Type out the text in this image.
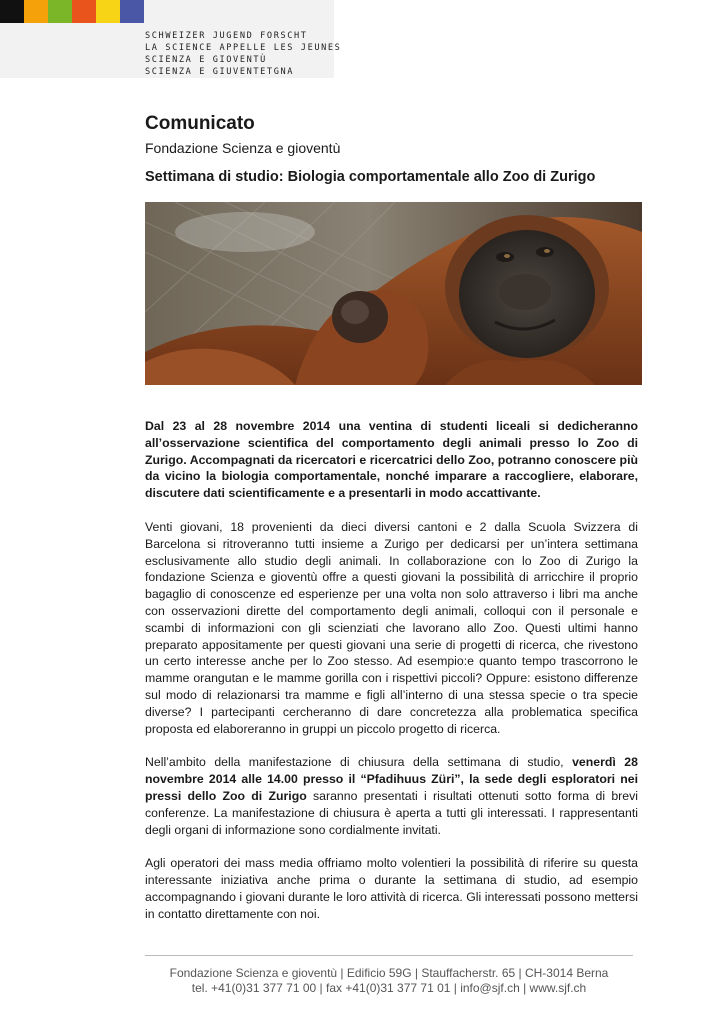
SCHWEIZER JUGEND FORSCHT
LA SCIENCE APPELLE LES JEUNES
SCIENZA E GIOVENTÙ
SCIENZA E GIUVENTETGNA
Comunicato
Fondazione Scienza e gioventù
Settimana di studio: Biologia comportamentale allo Zoo di Zurigo

Dal 23 al 28 novembre 2014 una ventina di studenti liceali si dedicheranno all’osservazione scientifica del comportamento degli animali presso lo Zoo di Zurigo. Accompagnati da ricercatori e ricercatrici dello Zoo, potranno conoscere più da vicino la biologia comportamentale, nonché imparare a raccogliere, elaborare, discutere dati scientificamente e a presentarli in modo accattivante.

Venti giovani, 18 provenienti da dieci diversi cantoni e 2 dalla Scuola Svizzera di Barcelona si ritroveranno tutti insieme a Zurigo per dedicarsi per un’intera settimana esclusivamente allo studio degli animali. In collaborazione con lo Zoo di Zurigo la fondazione Scienza e gioventù offre a questi giovani la possibilità di arricchire il proprio bagaglio di conoscenze ed esperienze per una volta non solo attraverso i libri ma anche con osservazioni dirette del comportamento degli animali, colloqui con il personale e scambi di informazioni con gli scienziati che lavorano allo Zoo. Questi ultimi hanno preparato appositamente per questi giovani una serie di progetti di ricerca, che rivestono un certo interesse anche per lo Zoo stesso. Ad esempio:e quanto tempo trascorrono le mamme orangutan e le mamme gorilla con i rispettivi piccoli? Oppure: esistono differenze sul modo di relazionarsi tra mamme e figli all’interno di una stessa specie o tra specie diverse? I partecipanti cercheranno di dare concretezza alla problematica specifica proposta ed elaboreranno in gruppi un piccolo progetto di ricerca.

Nell’ambito della manifestazione di chiusura della settimana di studio, venerdì 28 novembre 2014 alle 14.00 presso il “Pfadihuus Züri”, la sede degli esploratori nei pressi dello Zoo di Zurigo saranno presentati i risultati ottenuti sotto forma di brevi conferenze. La manifestazione di chiusura è aperta a tutti gli interessati. I rappresentanti degli organi di informazione sono cordialmente invitati.

Agli operatori dei mass media offriamo molto volentieri la possibilità di riferire su questa interessante iniziativa anche prima o durante la settimana di studio, ad esempio accompagnando i giovani durante le loro attività di ricerca. Gli interessati possono mettersi in contatto direttamente con noi.

Fondazione Scienza e gioventù | Edificio 59G | Stauffacherstr. 65 | CH-3014 Berna
tel. +41(0)31 377 71 00 | fax +41(0)31 377 71 01 | info@sjf.ch | www.sjf.ch
